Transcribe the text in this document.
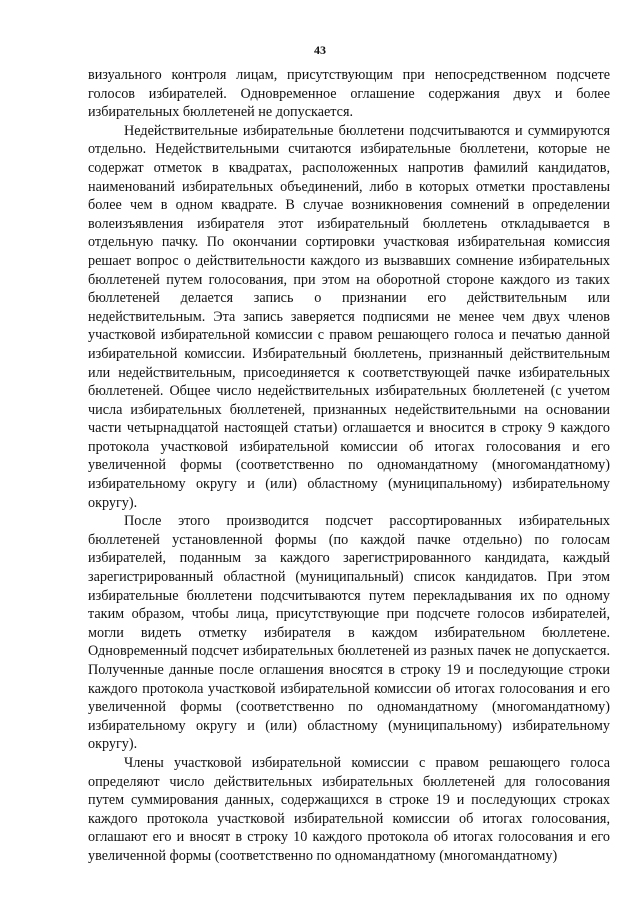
43

визуального контроля лицам, присутствующим при непосредственном подсчете голосов избирателей. Одновременное оглашение содержания двух и более избирательных бюллетеней не допускается.

Недействительные избирательные бюллетени подсчитываются и суммируются отдельно. Недействительными считаются избирательные бюллетени, которые не содержат отметок в квадратах, расположенных напротив фамилий кандидатов, наименований избирательных объединений, либо в которых отметки проставлены более чем в одном квадрате. В случае возникновения сомнений в определении волеизъявления избирателя этот избирательный бюллетень откладывается в отдельную пачку. По окончании сортировки участковая избирательная комиссия решает вопрос о действительности каждого из вызвавших сомнение избирательных бюллетеней путем голосования, при этом на оборотной стороне каждого из таких бюллетеней делается запись о признании его действительным или недействительным. Эта запись заверяется подписями не менее чем двух членов участковой избирательной комиссии с правом решающего голоса и печатью данной избирательной комиссии. Избирательный бюллетень, признанный действительным или недействительным, присоединяется к соответствующей пачке избирательных бюллетеней. Общее число недействительных избирательных бюллетеней (с учетом числа избирательных бюллетеней, признанных недействительными на основании части четырнадцатой настоящей статьи) оглашается и вносится в строку 9 каждого протокола участковой избирательной комиссии об итогах голосования и его увеличенной формы (соответственно по одномандатному (многомандатному) избирательному округу и (или) областному (муниципальному) избирательному округу).

После этого производится подсчет рассортированных избирательных бюллетеней установленной формы (по каждой пачке отдельно) по голосам избирателей, поданным за каждого зарегистрированного кандидата, каждый зарегистрированный областной (муниципальный) список кандидатов. При этом избирательные бюллетени подсчитываются путем перекладывания их по одному таким образом, чтобы лица, присутствующие при подсчете голосов избирателей, могли видеть отметку избирателя в каждом избирательном бюллетене. Одновременный подсчет избирательных бюллетеней из разных пачек не допускается. Полученные данные после оглашения вносятся в строку 19 и последующие строки каждого протокола участковой избирательной комиссии об итогах голосования и его увеличенной формы (соответственно по одномандатному (многомандатному) избирательному округу и (или) областному (муниципальному) избирательному округу).

Члены участковой избирательной комиссии с правом решающего голоса определяют число действительных избирательных бюллетеней для голосования путем суммирования данных, содержащихся в строке 19 и последующих строках каждого протокола участковой избирательной комиссии об итогах голосования, оглашают его и вносят в строку 10 каждого протокола об итогах голосования и его увеличенной формы (соответственно по одномандатному (многомандатному)
